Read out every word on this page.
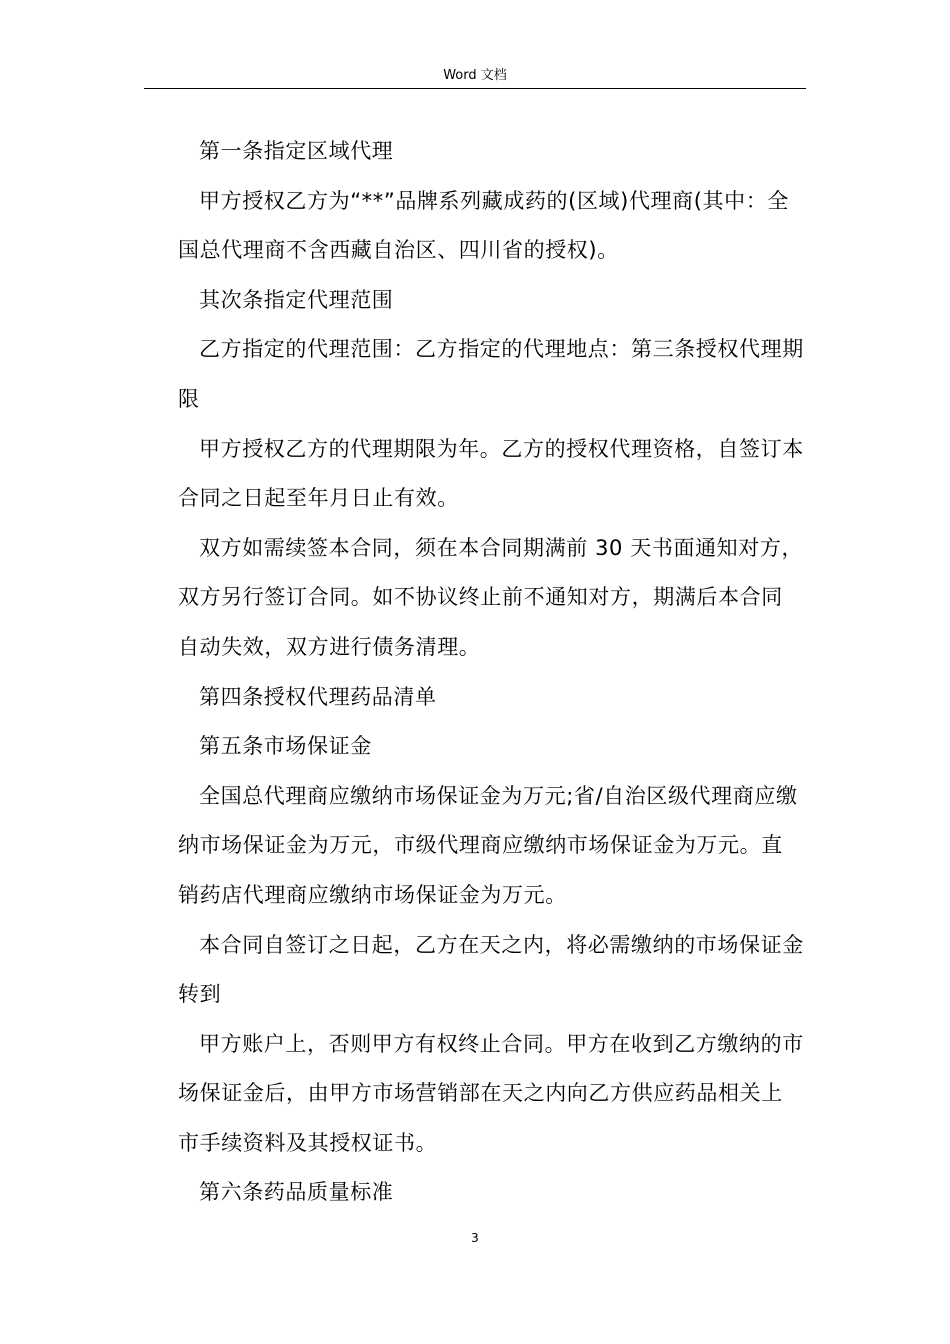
Word 文档

第一条指定区域代理

甲方授权乙方为“**”品牌系列藏成药的(区域)代理商(其中：全国总代理商不含西藏自治区、四川省的授权)。

其次条指定代理范围

乙方指定的代理范围：乙方指定的代理地点：第三条授权代理期限

甲方授权乙方的代理期限为年。乙方的授权代理资格，自签订本合同之日起至年月日止有效。

双方如需续签本合同，须在本合同期满前 30 天书面通知对方，双方另行签订合同。如不协议终止前不通知对方，期满后本合同自动失效，双方进行债务清理。

第四条授权代理药品清单

第五条市场保证金

全国总代理商应缴纳市场保证金为万元;省/自治区级代理商应缴纳市场保证金为万元，市级代理商应缴纳市场保证金为万元。直销药店代理商应缴纳市场保证金为万元。

本合同自签订之日起，乙方在天之内，将必需缴纳的市场保证金转到

甲方账户上，否则甲方有权终止合同。甲方在收到乙方缴纳的市场保证金后，由甲方市场营销部在天之内向乙方供应药品相关上市手续资料及其授权证书。

第六条药品质量标准

3
